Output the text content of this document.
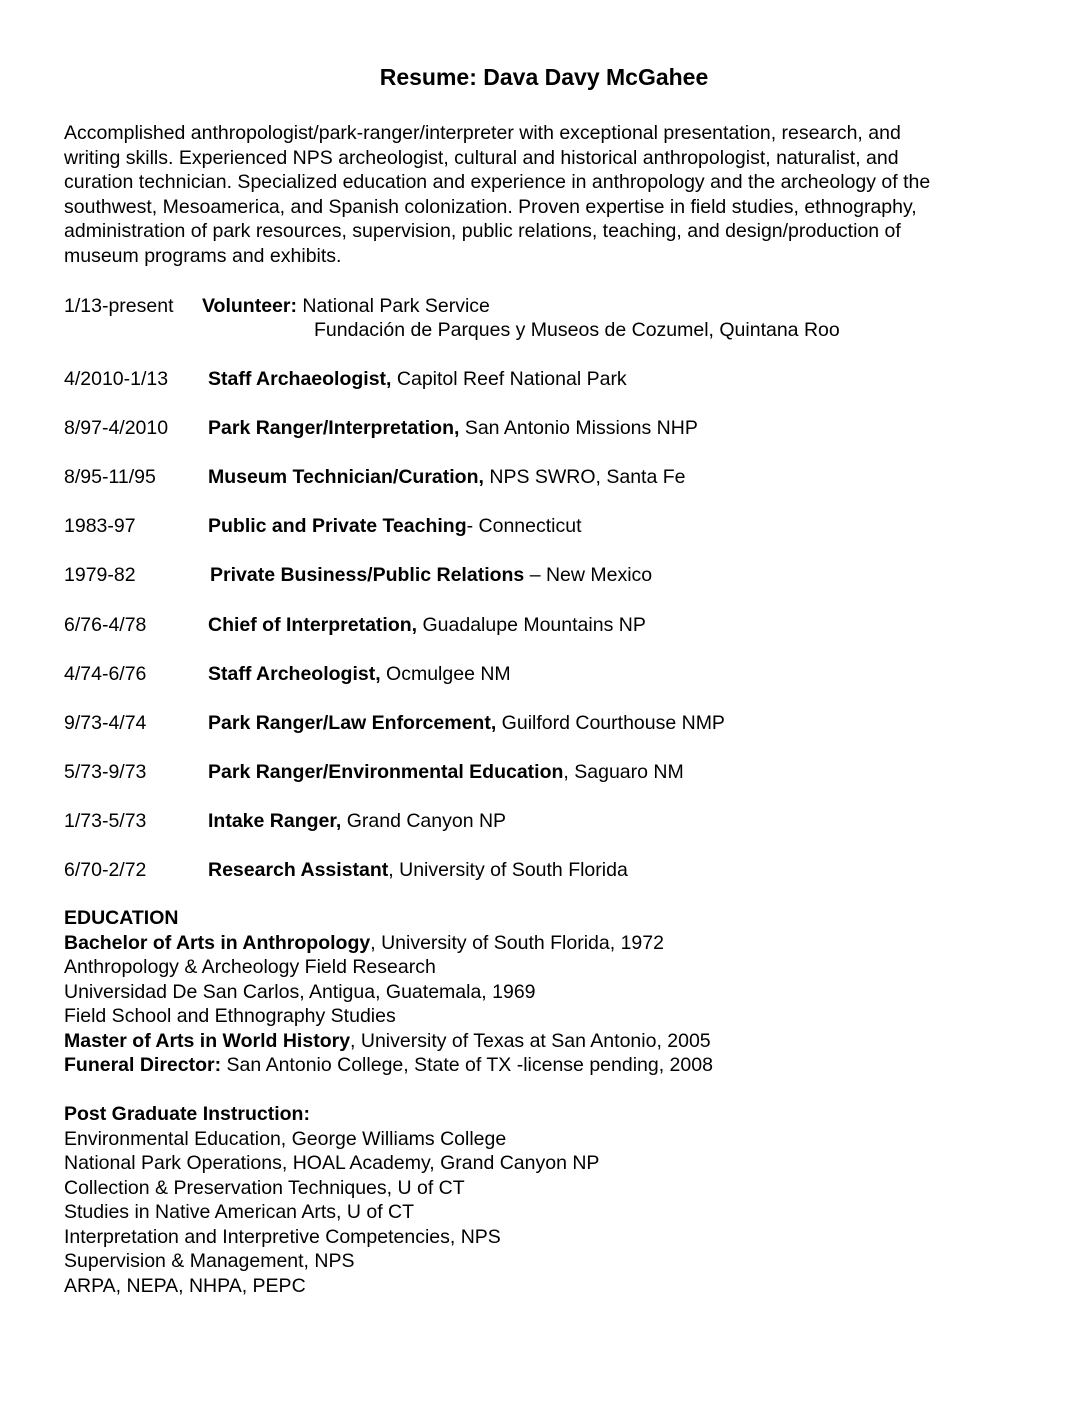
Resume: Dava Davy McGahee
Accomplished anthropologist/park-ranger/interpreter with exceptional presentation, research, and
writing skills. Experienced NPS archeologist, cultural and historical anthropologist, naturalist, and
curation technician. Specialized education and experience in anthropology and the archeology of the
southwest, Mesoamerica, and Spanish colonization. Proven expertise in field studies, ethnography,
administration of park resources, supervision, public relations, teaching, and design/production of
museum programs and exhibits.
1/13-present Volunteer: National Park Service
Fundación de Parques y Museos de Cozumel, Quintana Roo
4/2010-1/13 Staff Archaeologist, Capitol Reef National Park
8/97-4/2010 Park Ranger/Interpretation, San Antonio Missions NHP
8/95-11/95	Museum Technician/Curation, NPS SWRO, Santa Fe
1983-97	Public and Private Teaching- Connecticut
1979-82	Private Business/Public Relations – New Mexico
6/76-4/78	Chief of Interpretation, Guadalupe Mountains NP
4/74-6/76	Staff Archeologist, Ocmulgee NM
9/73-4/74	Park Ranger/Law Enforcement, Guilford Courthouse NMP
5/73-9/73	Park Ranger/Environmental Education, Saguaro NM
1/73-5/73	Intake Ranger, Grand Canyon NP
6/70-2/72	Research Assistant, University of South Florida
EDUCATION
Bachelor of Arts in Anthropology, University of South Florida, 1972
Anthropology & Archeology Field Research
Universidad De San Carlos, Antigua, Guatemala, 1969
Field School and Ethnography Studies
Master of Arts in World History, University of Texas at San Antonio, 2005
Funeral Director: San Antonio College, State of TX -license pending, 2008
Post Graduate Instruction:
Environmental Education, George Williams College
National Park Operations, HOAL Academy, Grand Canyon NP
Collection & Preservation Techniques, U of CT
Studies in Native American Arts, U of CT
Interpretation and Interpretive Competencies, NPS
Supervision & Management, NPS
ARPA, NEPA, NHPA, PEPC
